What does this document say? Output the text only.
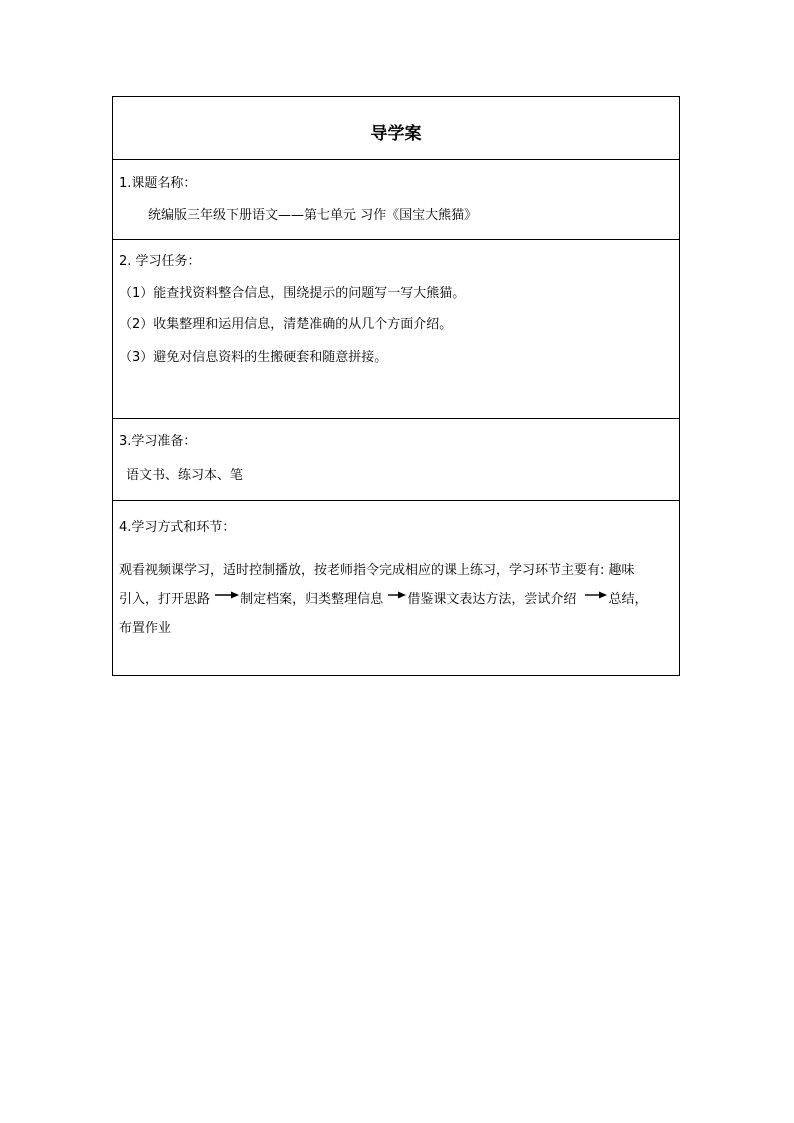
导学案
1.课题名称：
统编版三年级下册语文——第七单元 习作《国宝大熊猫》
2. 学习任务：
（1）能查找资料整合信息，围绕提示的问题写一写大熊猫。
（2）收集整理和运用信息，清楚准确的从几个方面介绍。
（3）避免对信息资料的生搬硬套和随意拼接。
3.学习准备：
语文书、练习本、笔
4.学习方式和环节：
观看视频课学习，适时控制播放，按老师指令完成相应的课上练习，学习环节主要有: 趣味
引入，打开思路 制定档案，归类整理信息 借鉴课文表达方法，尝试介绍 总结，
布置作业
